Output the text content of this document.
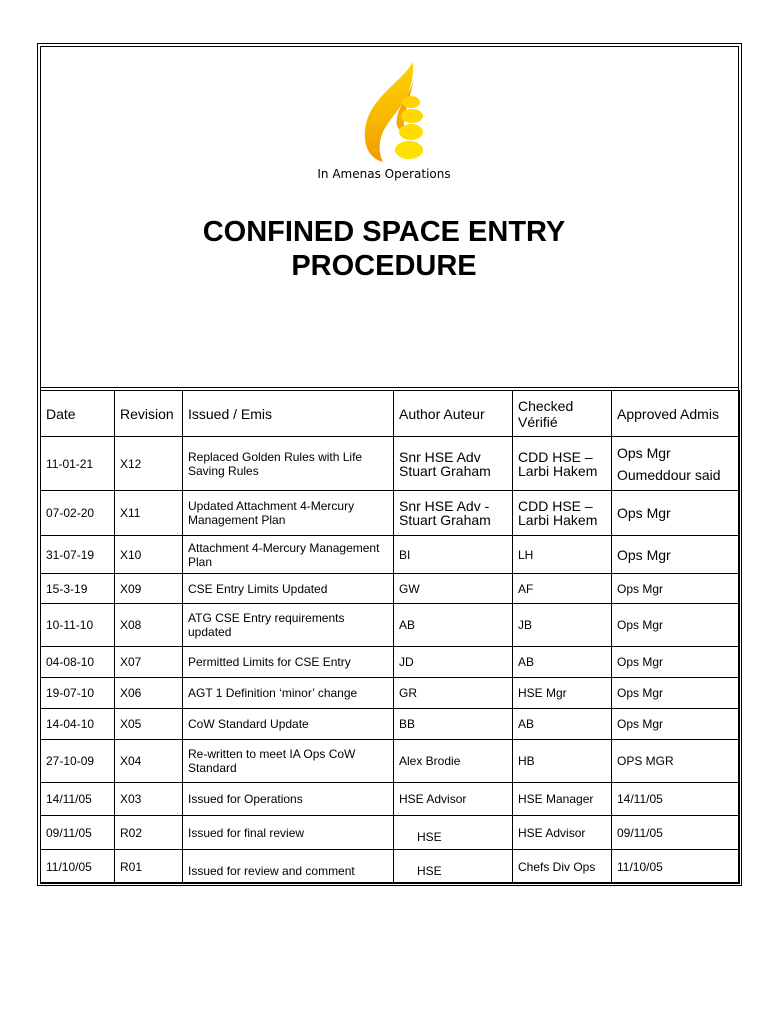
In Amenas Operations
CONFINED SPACE ENTRY
PROCEDURE
Date	Revision	Issued / Emis	Author Auteur	Checked Vérifié	Approved Admis
11-01-21	X12	Replaced Golden Rules with Life Saving Rules	Snr HSE Adv Stuart Graham	CDD HSE – Larbi Hakem	Ops Mgr Oumeddour said
07-02-20	X11	Updated Attachment 4-Mercury Management Plan	Snr HSE Adv - Stuart Graham	CDD HSE – Larbi Hakem	Ops Mgr
31-07-19	X10	Attachment 4-Mercury Management Plan	BI	LH	Ops Mgr
15-3-19	X09	CSE Entry Limits Updated	GW	AF	Ops Mgr
10-11-10	X08	ATG CSE Entry requirements updated	AB	JB	Ops Mgr
04-08-10	X07	Permitted Limits for CSE Entry	JD	AB	Ops Mgr
19-07-10	X06	AGT 1 Definition ‘minor’ change	GR	HSE Mgr	Ops Mgr
14-04-10	X05	CoW Standard Update	BB	AB	Ops Mgr
27-10-09	X04	Re-written to meet IA Ops CoW Standard	Alex Brodie	HB	OPS MGR
14/11/05	X03	Issued for Operations	HSE Advisor	HSE Manager	14/11/05
09/11/05	R02	Issued for final review	HSE	HSE Advisor	09/11/05
11/10/05	R01	Issued for review and comment	HSE	Chefs Div Ops	11/10/05
